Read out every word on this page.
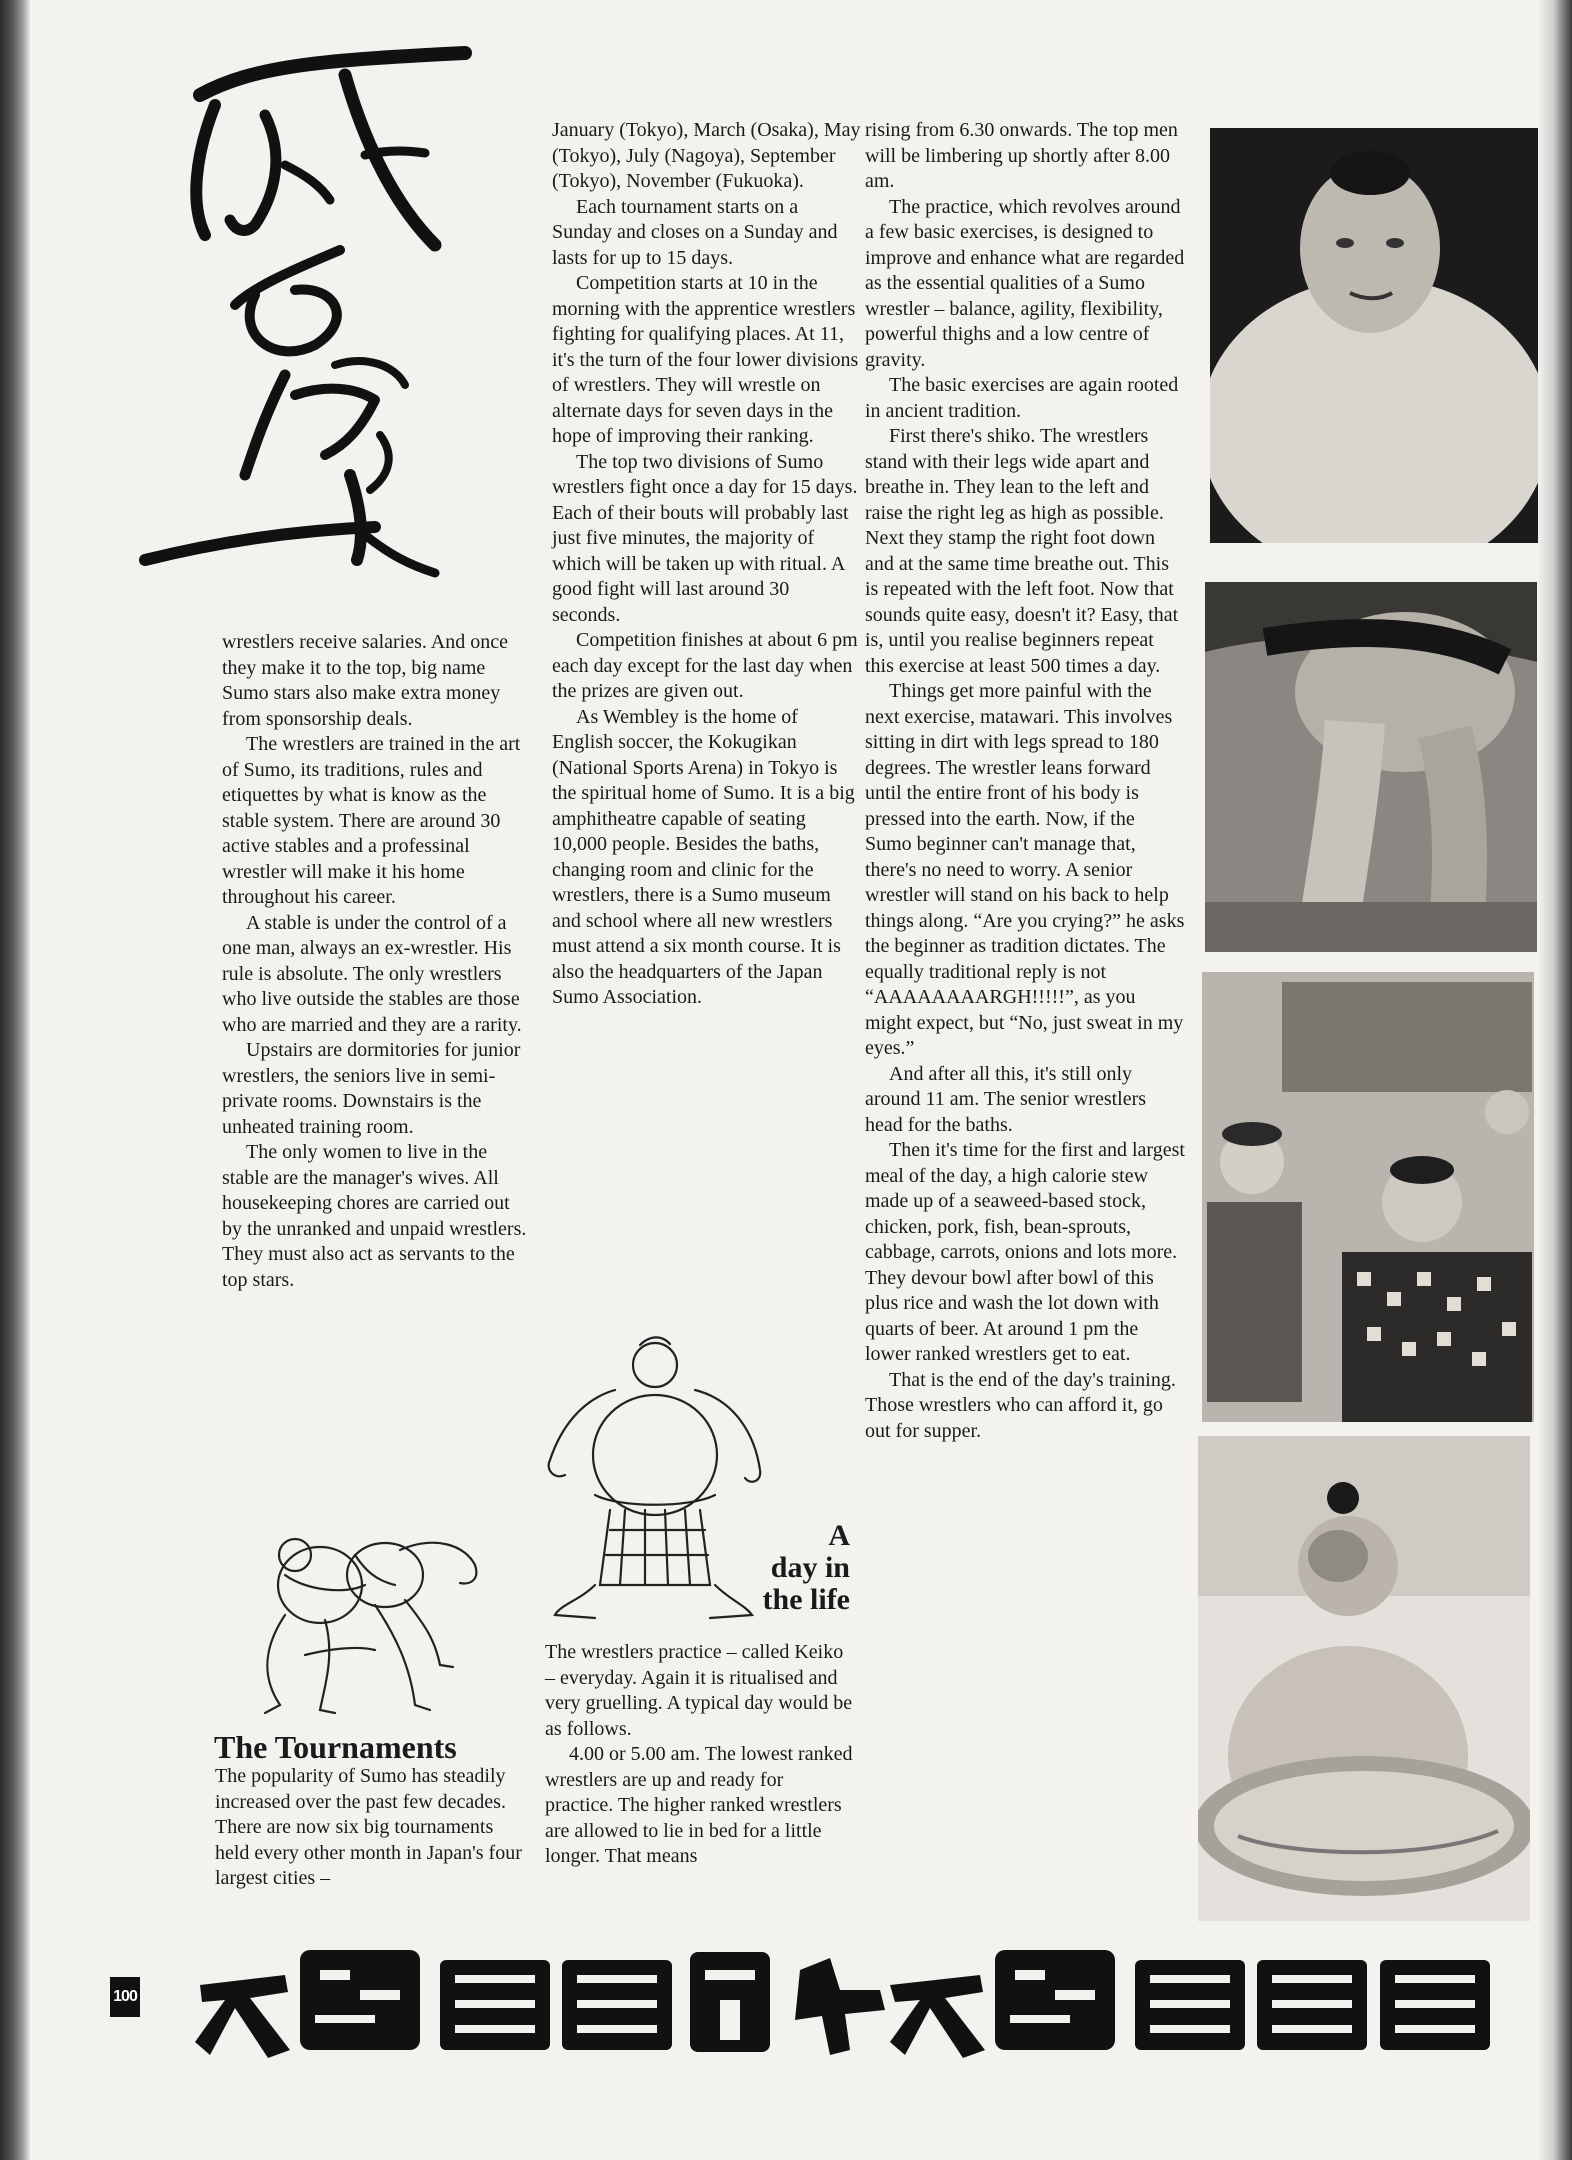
wrestlers receive salaries. And once they make it to the top, big name Sumo stars also make extra money from sponsorship deals.

The wrestlers are trained in the art of Sumo, its traditions, rules and etiquettes by what is know as the stable system. There are around 30 active stables and a professinal wrestler will make it his home throughout his career.

A stable is under the control of a one man, always an ex-wrestler. His rule is absolute. The only wrestlers who live outside the stables are those who are married and they are a rarity.

Upstairs are dormitories for junior wrestlers, the seniors live in semi-private rooms. Downstairs is the unheated training room.

The only women to live in the stable are the manager's wives. All housekeeping chores are carried out by the unranked and unpaid wrestlers. They must also act as servants to the top stars.

The Tournaments

The popularity of Sumo has steadily increased over the past few decades. There are now six big tournaments held every other month in Japan's four largest cities –

January (Tokyo), March (Osaka), May (Tokyo), July (Nagoya), September (Tokyo), November (Fukuoka).

Each tournament starts on a Sunday and closes on a Sunday and lasts for up to 15 days.

Competition starts at 10 in the morning with the apprentice wrestlers fighting for qualifying places. At 11, it's the turn of the four lower divisions of wrestlers. They will wrestle on alternate days for seven days in the hope of improving their ranking.

The top two divisions of Sumo wrestlers fight once a day for 15 days. Each of their bouts will probably last just five minutes, the majority of which will be taken up with ritual. A good fight will last around 30 seconds.

Competition finishes at about 6 pm each day except for the last day when the prizes are given out.

As Wembley is the home of English soccer, the Kokugikan (National Sports Arena) in Tokyo is the spiritual home of Sumo. It is a big amphitheatre capable of seating 10,000 people. Besides the baths, changing room and clinic for the wrestlers, there is a Sumo museum and school where all new wrestlers must attend a six month course. It is also the headquarters of the Japan Sumo Association.

A
day in
the life

The wrestlers practice – called Keiko – everyday. Again it is ritualised and very gruelling. A typical day would be as follows.

4.00 or 5.00 am. The lowest ranked wrestlers are up and ready for practice. The higher ranked wrestlers are allowed to lie in bed for a little longer. That means

rising from 6.30 onwards. The top men will be limbering up shortly after 8.00 am.

The practice, which revolves around a few basic exercises, is designed to improve and enhance what are regarded as the essential qualities of a Sumo wrestler – balance, agility, flexibility, powerful thighs and a low centre of gravity.

The basic exercises are again rooted in ancient tradition.

First there's shiko. The wrestlers stand with their legs wide apart and breathe in. They lean to the left and raise the right leg as high as possible. Next they stamp the right foot down and at the same time breathe out. This is repeated with the left foot. Now that sounds quite easy, doesn't it? Easy, that is, until you realise beginners repeat this exercise at least 500 times a day.

Things get more painful with the next exercise, matawari. This involves sitting in dirt with legs spread to 180 degrees. The wrestler leans forward until the entire front of his body is pressed into the earth. Now, if the Sumo beginner can't manage that, there's no need to worry. A senior wrestler will stand on his back to help things along. “Are you crying?” he asks the beginner as tradition dictates. The equally traditional reply is not “AAAAAAAARGH!!!!!”, as you might expect, but “No, just sweat in my eyes.”

And after all this, it's still only around 11 am. The senior wrestlers head for the baths.

Then it's time for the first and largest meal of the day, a high calorie stew made up of a seaweed-based stock, chicken, pork, fish, bean-sprouts, cabbage, carrots, onions and lots more. They devour bowl after bowl of this plus rice and wash the lot down with quarts of beer. At around 1 pm the lower ranked wrestlers get to eat.

That is the end of the day's training. Those wrestlers who can afford it, go out for supper.

100
